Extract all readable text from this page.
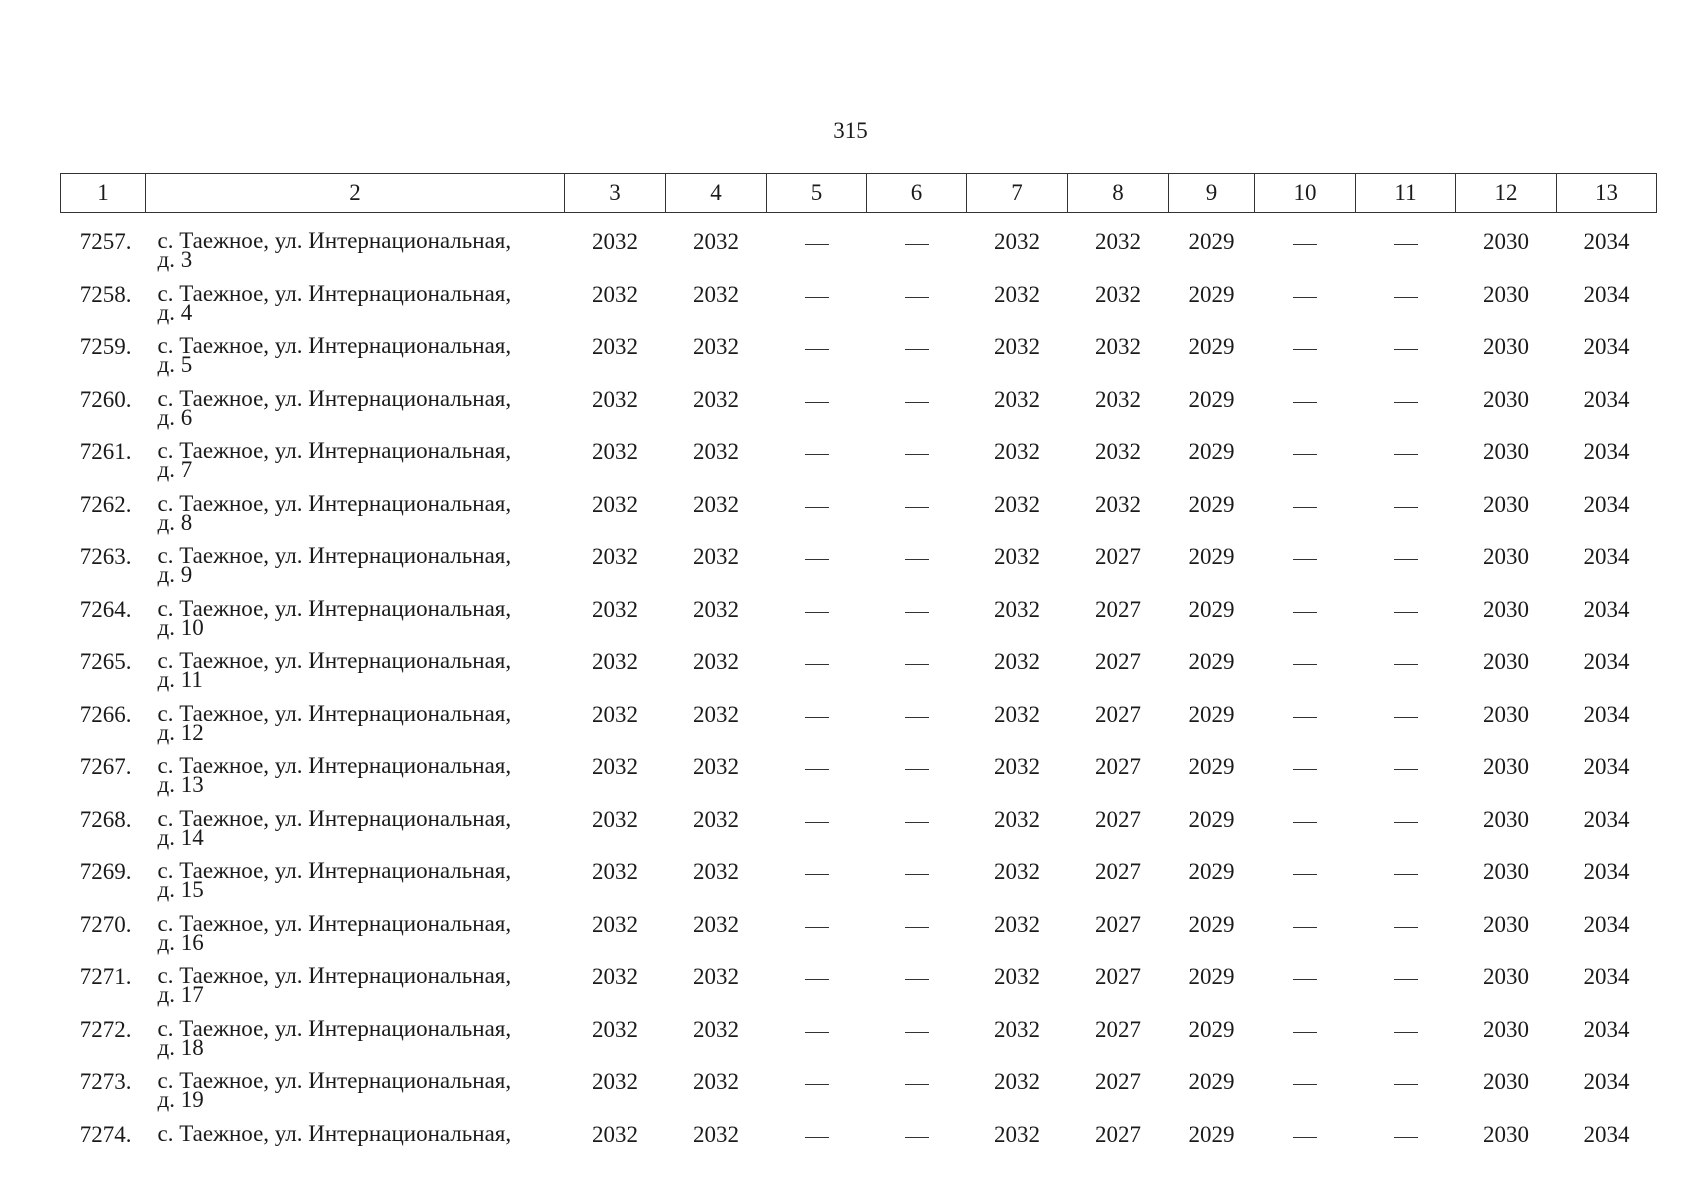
315
1	2	3	4	5	6	7	8	9	10	11	12	13
7257.	с. Таежное, ул. Интернациональная,
д. 3	2032	2032			2032	2032	2029			2030	2034
7258.	с. Таежное, ул. Интернациональная,
д. 4	2032	2032			2032	2032	2029			2030	2034
7259.	с. Таежное, ул. Интернациональная,
д. 5	2032	2032			2032	2032	2029			2030	2034
7260.	с. Таежное, ул. Интернациональная,
д. 6	2032	2032			2032	2032	2029			2030	2034
7261.	с. Таежное, ул. Интернациональная,
д. 7	2032	2032			2032	2032	2029			2030	2034
7262.	с. Таежное, ул. Интернациональная,
д. 8	2032	2032			2032	2032	2029			2030	2034
7263.	с. Таежное, ул. Интернациональная,
д. 9	2032	2032			2032	2027	2029			2030	2034
7264.	с. Таежное, ул. Интернациональная,
д. 10	2032	2032			2032	2027	2029			2030	2034
7265.	с. Таежное, ул. Интернациональная,
д. 11	2032	2032			2032	2027	2029			2030	2034
7266.	с. Таежное, ул. Интернациональная,
д. 12	2032	2032			2032	2027	2029			2030	2034
7267.	с. Таежное, ул. Интернациональная,
д. 13	2032	2032			2032	2027	2029			2030	2034
7268.	с. Таежное, ул. Интернациональная,
д. 14	2032	2032			2032	2027	2029			2030	2034
7269.	с. Таежное, ул. Интернациональная,
д. 15	2032	2032			2032	2027	2029			2030	2034
7270.	с. Таежное, ул. Интернациональная,
д. 16	2032	2032			2032	2027	2029			2030	2034
7271.	с. Таежное, ул. Интернациональная,
д. 17	2032	2032			2032	2027	2029			2030	2034
7272.	с. Таежное, ул. Интернациональная,
д. 18	2032	2032			2032	2027	2029			2030	2034
7273.	с. Таежное, ул. Интернациональная,
д. 19	2032	2032			2032	2027	2029			2030	2034
7274.	с. Таежное, ул. Интернациональная,	2032	2032			2032	2027	2029			2030	2034
